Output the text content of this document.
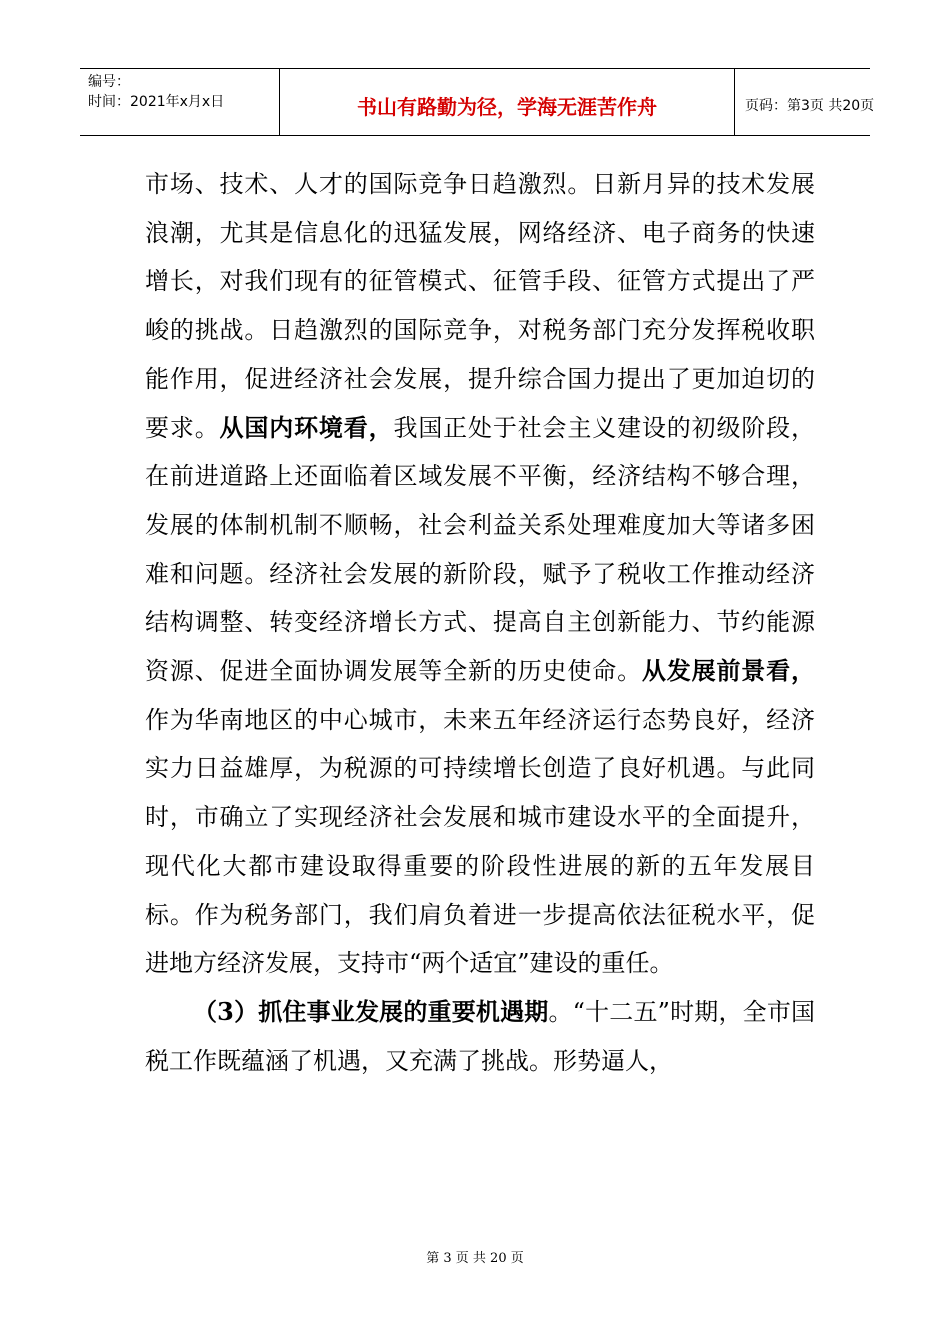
编号：
时间：2021年x月x日	书山有路勤为径，学海无涯苦作舟	页码：第3页 共20页

市场、技术、人才的国际竞争日趋激烈。日新月异的技术发展浪潮，尤其是信息化的迅猛发展，网络经济、电子商务的快速增长，对我们现有的征管模式、征管手段、征管方式提出了严峻的挑战。日趋激烈的国际竞争，对税务部门充分发挥税收职能作用，促进经济社会发展，提升综合国力提出了更加迫切的要求。从国内环境看，我国正处于社会主义建设的初级阶段，在前进道路上还面临着区域发展不平衡，经济结构不够合理，发展的体制机制不顺畅，社会利益关系处理难度加大等诸多困难和问题。经济社会发展的新阶段，赋予了税收工作推动经济结构调整、转变经济增长方式、提高自主创新能力、节约能源资源、促进全面协调发展等全新的历史使命。从发展前景看，作为华南地区的中心城市，未来五年经济运行态势良好，经济实力日益雄厚，为税源的可持续增长创造了良好机遇。与此同时，市确立了实现经济社会发展和城市建设水平的全面提升，现代化大都市建设取得重要的阶段性进展的新的五年发展目标。作为税务部门，我们肩负着进一步提高依法征税水平，促进地方经济发展，支持市“两个适宜”建设的重任。

（3）抓住事业发展的重要机遇期。“十二五”时期，全市国税工作既蕴涵了机遇，又充满了挑战。形势逼人，

第 3 页 共 20 页
